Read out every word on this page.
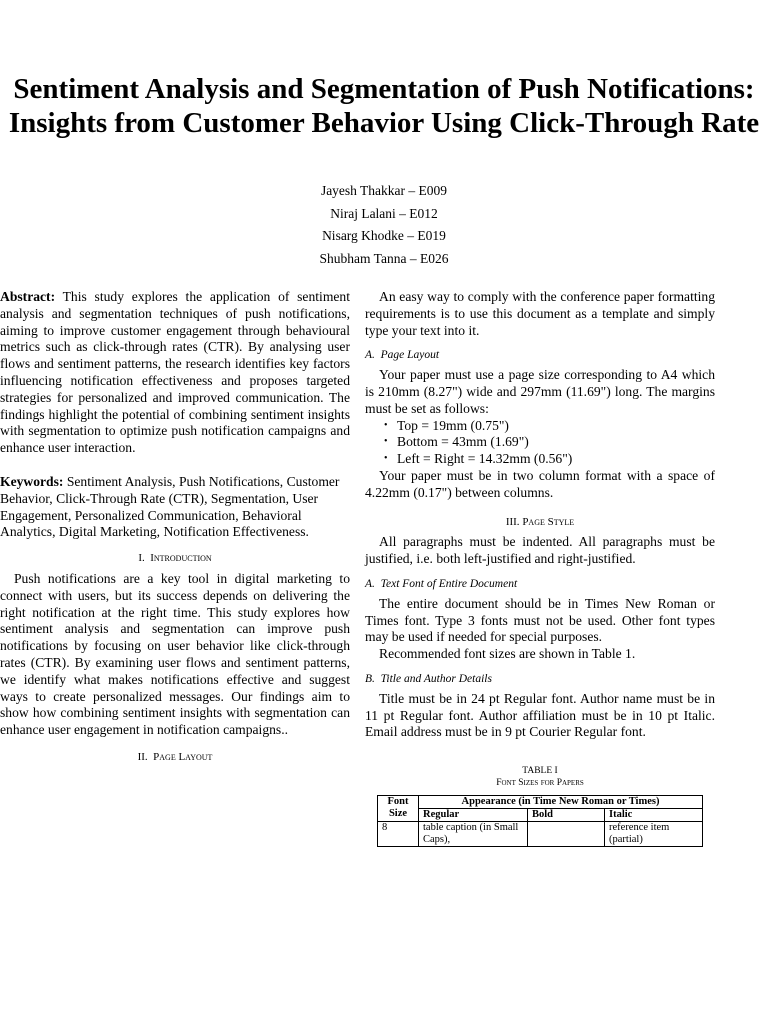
Sentiment Analysis and Segmentation of Push Notifications: Insights from Customer Behavior Using Click-Through Rate
Jayesh Thakkar – E009
Niraj Lalani – E012
Nisarg Khodke – E019
Shubham Tanna – E026

Abstract: This study explores the application of sentiment analysis and segmentation techniques of push notifications, aiming to improve customer engagement through behavioural metrics such as click-through rates (CTR). By analysing user flows and sentiment patterns, the research identifies key factors influencing notification effectiveness and proposes targeted strategies for personalized and improved communication. The findings highlight the potential of combining sentiment insights with segmentation to optimize push notification campaigns and enhance user interaction.

Keywords: Sentiment Analysis, Push Notifications, Customer Behavior, Click-Through Rate (CTR), Segmentation, User Engagement, Personalized Communication, Behavioral Analytics, Digital Marketing, Notification Effectiveness.

I. Introduction

Push notifications are a key tool in digital marketing to connect with users, but its success depends on delivering the right notification at the right time. This study explores how sentiment analysis and segmentation can improve push notifications by focusing on user behavior like click-through rates (CTR). By examining user flows and sentiment patterns, we identify what makes notifications effective and suggest ways to create personalized messages. Our findings aim to show how combining sentiment insights with segmentation can enhance user engagement in notification campaigns..

II. Page Layout

An easy way to comply with the conference paper formatting requirements is to use this document as a template and simply type your text into it.

A. Page Layout

Your paper must use a page size corresponding to A4 which is 210mm (8.27") wide and 297mm (11.69") long. The margins must be set as follows:

• Top = 19mm (0.75")
• Bottom = 43mm (1.69")
• Left = Right = 14.32mm (0.56")

Your paper must be in two column format with a space of 4.22mm (0.17") between columns.

III. Page Style

All paragraphs must be indented. All paragraphs must be justified, i.e. both left-justified and right-justified.

A. Text Font of Entire Document

The entire document should be in Times New Roman or Times font. Type 3 fonts must not be used. Other font types may be used if needed for special purposes.

Recommended font sizes are shown in Table 1.

B. Title and Author Details

Title must be in 24 pt Regular font. Author name must be in 11 pt Regular font. Author affiliation must be in 10 pt Italic. Email address must be in 9 pt Courier Regular font.

TABLE I

Font Sizes for Papers

Font
Size	Appearance (in Time New Roman or Times)		
	Regular	Bold	Italic
8	table caption (in Small Caps),		reference item (partial)
